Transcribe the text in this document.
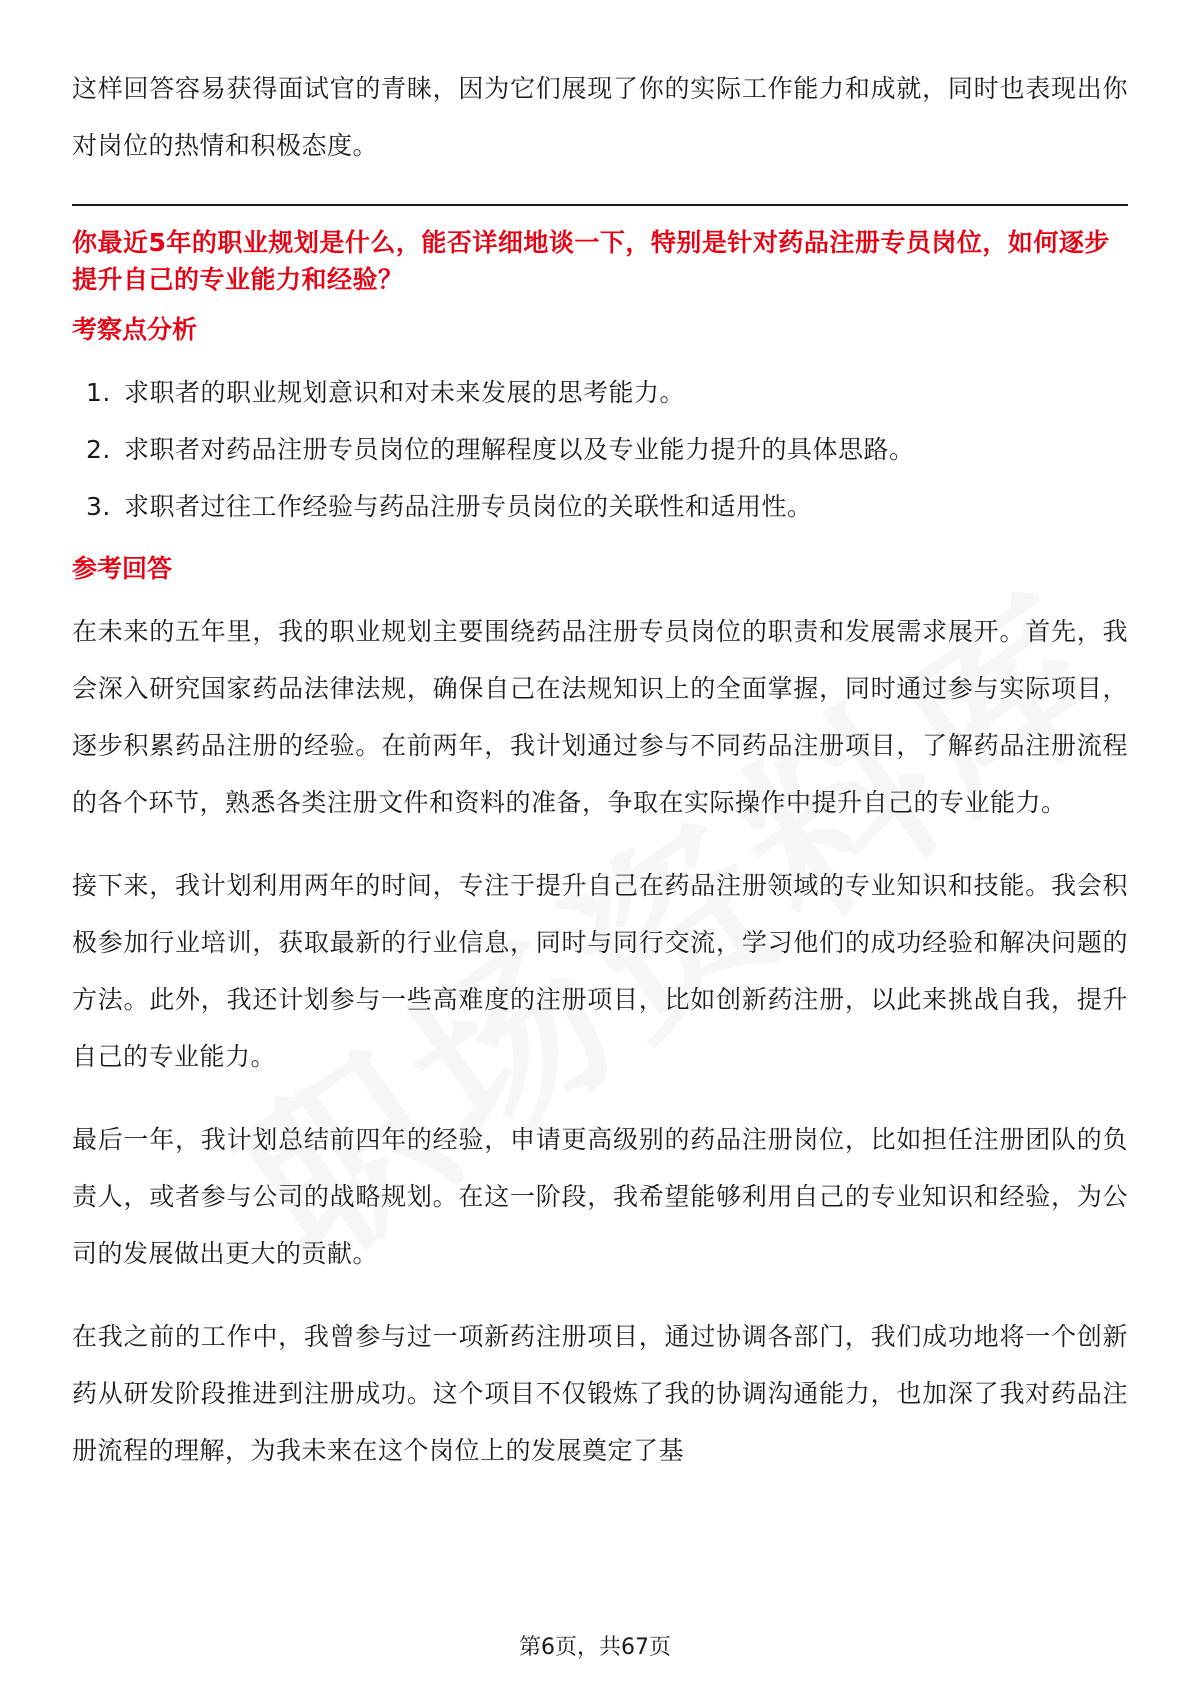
这样回答容易获得面试官的青睐，因为它们展现了你的实际工作能力和成就，同时也表现出你对岗位的热情和积极态度。

你最近5年的职业规划是什么，能否详细地谈一下，特别是针对药品注册专员岗位，如何逐步提升自己的专业能力和经验？

考察点分析

1. 求职者的职业规划意识和对未来发展的思考能力。
2. 求职者对药品注册专员岗位的理解程度以及专业能力提升的具体思路。
3. 求职者过往工作经验与药品注册专员岗位的关联性和适用性。

参考回答

在未来的五年里，我的职业规划主要围绕药品注册专员岗位的职责和发展需求展开。首先，我会深入研究国家药品法律法规，确保自己在法规知识上的全面掌握，同时通过参与实际项目，逐步积累药品注册的经验。在前两年，我计划通过参与不同药品注册项目，了解药品注册流程的各个环节，熟悉各类注册文件和资料的准备，争取在实际操作中提升自己的专业能力。

接下来，我计划利用两年的时间，专注于提升自己在药品注册领域的专业知识和技能。我会积极参加行业培训，获取最新的行业信息，同时与同行交流，学习他们的成功经验和解决问题的方法。此外，我还计划参与一些高难度的注册项目，比如创新药注册，以此来挑战自我，提升自己的专业能力。

最后一年，我计划总结前四年的经验，申请更高级别的药品注册岗位，比如担任注册团队的负责人，或者参与公司的战略规划。在这一阶段，我希望能够利用自己的专业知识和经验，为公司的发展做出更大的贡献。

在我之前的工作中，我曾参与过一项新药注册项目，通过协调各部门，我们成功地将一个创新药从研发阶段推进到注册成功。这个项目不仅锻炼了我的协调沟通能力，也加深了我对药品注册流程的理解，为我未来在这个岗位上的发展奠定了基

第6页，共67页
